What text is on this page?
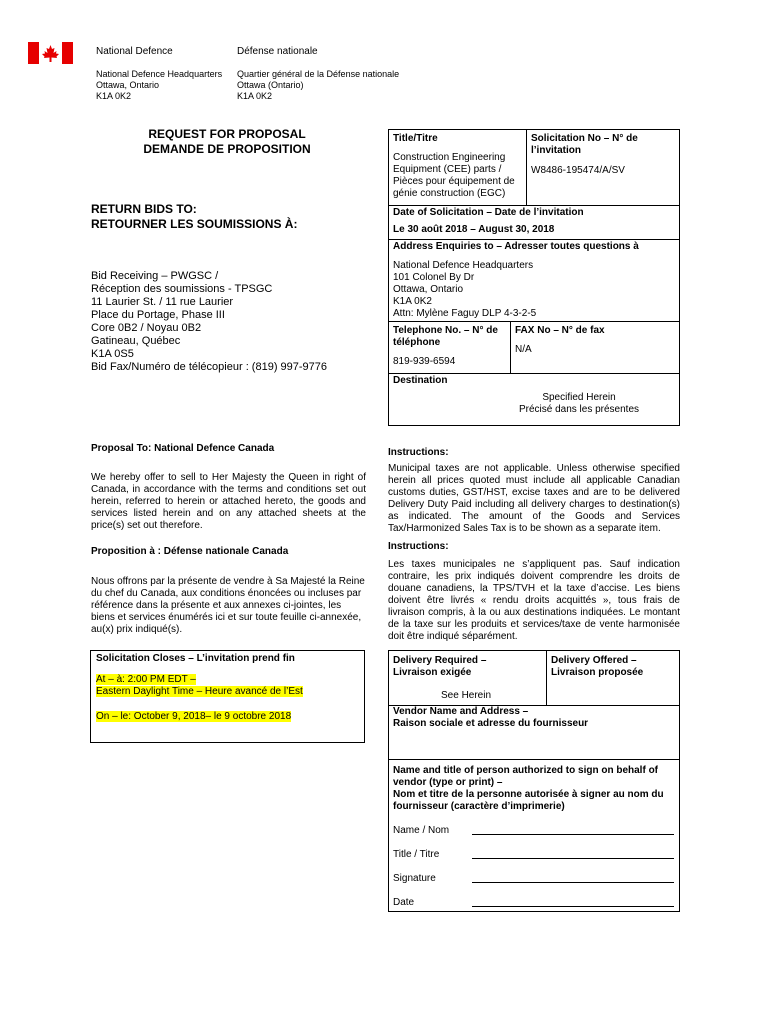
National Defence	Défense nationale
National Defence Headquarters
Ottawa, Ontario
K1A 0K2
Quartier général de la Défense nationale
Ottawa (Ontario)
K1A 0K2
REQUEST FOR PROPOSAL
DEMANDE DE PROPOSITION
RETURN BIDS TO:
RETOURNER LES SOUMISSIONS À:
Bid Receiving – PWGSC /
Réception des soumissions - TPSGC
11 Laurier St. / 11 rue Laurier
Place du Portage, Phase III
Core 0B2 / Noyau 0B2
Gatineau, Québec
K1A 0S5
Bid Fax/Numéro de télécopieur : (819) 997-9776
Proposal To: National Defence Canada
We hereby offer to sell to Her Majesty the Queen in right of Canada, in accordance with the terms and conditions set out herein, referred to herein or attached hereto, the goods and services listed herein and on any attached sheets at the price(s) set out therefore.
Proposition à : Défense nationale Canada
Nous offrons par la présente de vendre à Sa Majesté la Reine du chef du Canada, aux conditions énoncées ou incluses par référence dans la présente et aux annexes ci-jointes, les biens et services énumérés ici et sur toute feuille ci-annexée, au(x) prix indiqué(s).
Solicitation Closes – L’invitation prend fin
At – à: 2:00 PM EDT –
Eastern Daylight Time – Heure avancé de l’Est
On – le: October 9, 2018– le 9 octobre 2018
Title/Titre
Construction Engineering
Equipment (CEE) parts /
Pièces pour équipement de
génie construction (EGC)
Solicitation No – N° de
l’invitation
W8486-195474/A/SV
Date of Solicitation – Date de l’invitation
Le 30 août 2018 – August 30, 2018
Address Enquiries to – Adresser toutes questions à
National Defence Headquarters
101 Colonel By Dr
Ottawa, Ontario
K1A 0K2
Attn: Mylène Faguy DLP 4-3-2-5
Telephone No. – N° de
téléphone
819-939-6594
FAX No – N° de fax
N/A
Destination
Specified Herein
Précisé dans les présentes
Instructions:
Municipal taxes are not applicable. Unless otherwise specified herein all prices quoted must include all applicable Canadian customs duties, GST/HST, excise taxes and are to be delivered Delivery Duty Paid including all delivery charges to destination(s) as indicated. The amount of the Goods and Services Tax/Harmonized Sales Tax is to be shown as a separate item.
Instructions:
Les taxes municipales ne s’appliquent pas. Sauf indication contraire, les prix indiqués doivent comprendre les droits de douane canadiens, la TPS/TVH et la taxe d’accise. Les biens doivent être livrés « rendu droits acquittés », tous frais de livraison compris, à la ou aux destinations indiquées. Le montant de la taxe sur les produits et services/taxe de vente harmonisée doit être indiqué séparément.
Delivery Required –
Livraison exigée
See Herein
Delivery Offered –
Livraison proposée
Vendor Name and Address –
Raison sociale et adresse du fournisseur
Name and title of person authorized to sign on behalf of
vendor (type or print) –
Nom et titre de la personne autorisée à signer au nom du
fournisseur (caractère d’imprimerie)
Name / Nom
Title / Titre
Signature
Date
